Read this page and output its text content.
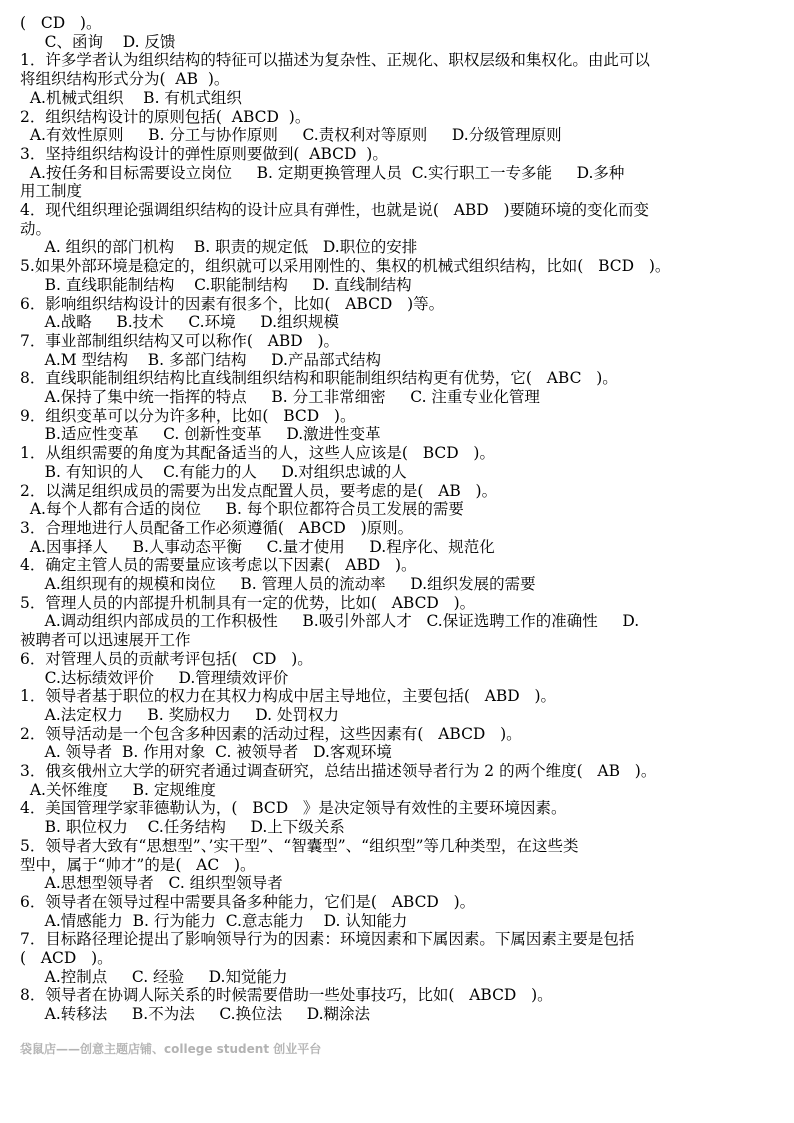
(   CD   )。
C、函询    D. 反馈
1．许多学者认为组织结构的特征可以描述为复杂性、正规化、职权层级和集权化。由此可以
将组织结构形式分为(  AB  )。
A.机械式组织    B. 有机式组织
2．组织结构设计的原则包括(  ABCD  )。
A.有效性原则     B. 分工与协作原则     C.责权利对等原则     D.分级管理原则
3．坚持组织结构设计的弹性原则要做到(  ABCD  )。
A.按任务和目标需要设立岗位     B. 定期更换管理人员  C.实行职工一专多能     D.多种
用工制度
4．现代组织理论强调组织结构的设计应具有弹性，也就是说(   ABD   )要随环境的变化而变
动。
A. 组织的部门机构    B. 职责的规定低   D.职位的安排
5.如果外部环境是稳定的，组织就可以采用刚性的、集权的机械式组织结构，比如(   BCD   )。
B. 直线职能制结构    C.职能制结构     D. 直线制结构
6．影响组织结构设计的因素有很多个，比如(   ABCD   )等。
A.战略     B.技术     C.环境     D.组织规模
7．事业部制组织结构又可以称作(   ABD   )。
A.M 型结构    B. 多部门结构     D.产品部式结构
8．直线职能制组织结构比直线制组织结构和职能制组织结构更有优势，它(   ABC   )。
A.保持了集中统一指挥的特点     B. 分工非常细密     C. 注重专业化管理
9．组织变革可以分为许多种，比如(   BCD   )。
B.适应性变革     C. 创新性变革     D.激进性变革
1．从组织需要的角度为其配备适当的人，这些人应该是(   BCD   )。
B. 有知识的人    C.有能力的人     D.对组织忠诚的人
2．以满足组织成员的需要为出发点配置人员，要考虑的是(   AB   )。
A.每个人都有合适的岗位     B. 每个职位都符合员工发展的需要
3．合理地进行人员配备工作必须遵循(   ABCD   )原则。
A.因事择人     B.人事动态平衡     C.量才使用     D.程序化、规范化
4．确定主管人员的需要量应该考虑以下因素(   ABD   )。
A.组织现有的规模和岗位     B. 管理人员的流动率     D.组织发展的需要
5．管理人员的内部提升机制具有一定的优势，比如(   ABCD   )。
A.调动组织内部成员的工作积极性     B.吸引外部人才   C.保证选聘工作的准确性     D.
被聘者可以迅速展开工作
6．对管理人员的贡献考评包括(   CD   )。
C.达标绩效评价     D.管理绩效评价
1．领导者基于职位的权力在其权力构成中居主导地位，主要包括(   ABD   )。
A.法定权力     B. 奖励权力     D. 处罚权力
2．领导活动是一个包含多种因素的活动过程，这些因素有(   ABCD   )。
A. 领导者  B. 作用对象  C. 被领导者   D.客观环境
3．俄亥俄州立大学的研究者通过调查研究，总结出描述领导者行为 2 的两个维度(   AB   )。
A.关怀维度     B. 定规维度
4．美国管理学家菲德勒认为，(   BCD   》是决定领导有效性的主要环境因素。
B. 职位权力    C.任务结构     D.上下级关系
5．领导者大致有“思想型”、’实干型”、“智囊型”、“组织型”等几种类型，在这些类
型中，属于“帅才”的是(   AC   )。
A.思想型领导者   C. 组织型领导者
6．领导者在领导过程中需要具备多种能力，它们是(   ABCD   )。
A.情感能力  B. 行为能力  C.意志能力    D. 认知能力
7．目标路径理论提出了影响领导行为的因素：环境因素和下属因素。下属因素主要是包括
(   ACD   )。
A.控制点     C. 经验     D.知觉能力
8．领导者在协调人际关系的时候需要借助一些处事技巧，比如(   ABCD   )。
A.转移法     B.不为法     C.换位法     D.糊涂法
袋鼠店——创意主题店铺、college student 创业平台
